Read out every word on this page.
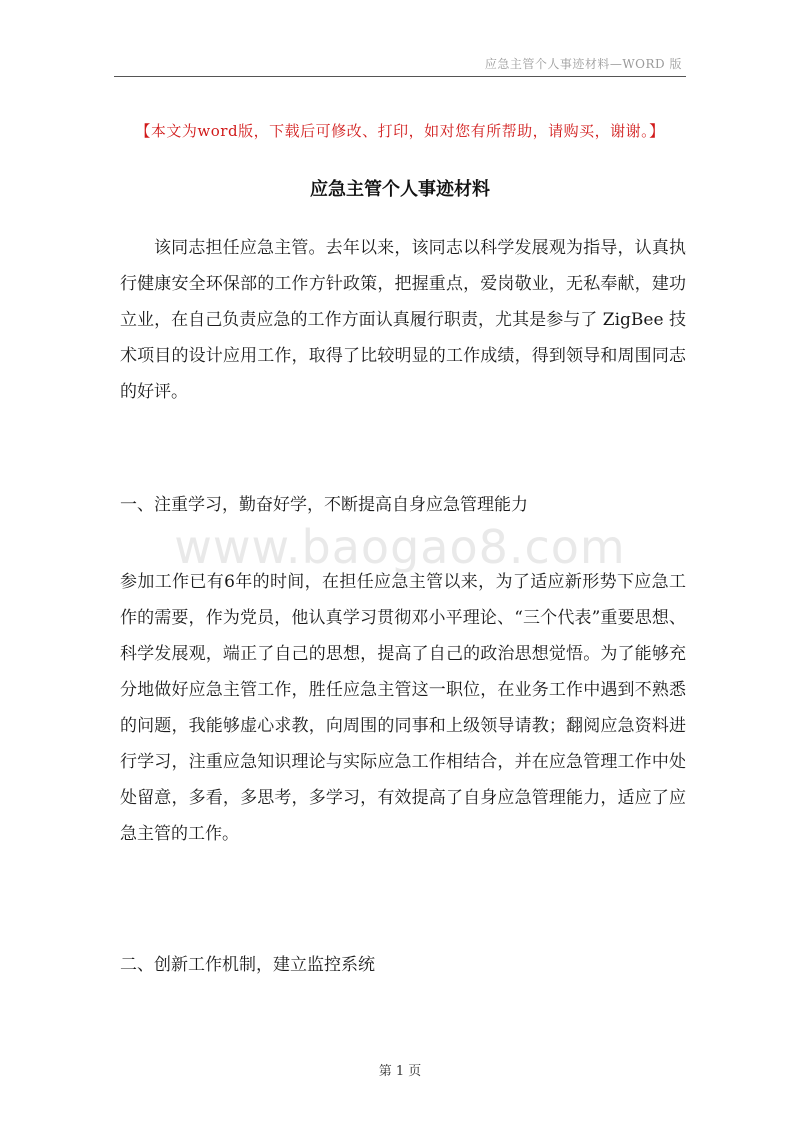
应急主管个人事迹材料—WORD 版
【本文为word版，下载后可修改、打印，如对您有所帮助，请购买，谢谢。】
应急主管个人事迹材料

该同志担任应急主管。去年以来，该同志以科学发展观为指导，认真执行健康安全环保部的工作方针政策，把握重点，爱岗敬业，无私奉献，建功立业，在自己负责应急的工作方面认真履行职责，尤其是参与了 ZigBee 技术项目的设计应用工作，取得了比较明显的工作成绩，得到领导和周围同志的好评。

一、注重学习，勤奋好学，不断提高自身应急管理能力
www.baogao8.com

参加工作已有6年的时间，在担任应急主管以来，为了适应新形势下应急工作的需要，作为党员，他认真学习贯彻邓小平理论、“三个代表”重要思想、科学发展观，端正了自己的思想，提高了自己的政治思想觉悟。为了能够充分地做好应急主管工作，胜任应急主管这一职位，在业务工作中遇到不熟悉的问题，我能够虚心求教，向周围的同事和上级领导请教；翻阅应急资料进行学习，注重应急知识理论与实际应急工作相结合，并在应急管理工作中处处留意，多看，多思考，多学习，有效提高了自身应急管理能力，适应了应急主管的工作。

二、创新工作机制，建立监控系统
第 1 页
